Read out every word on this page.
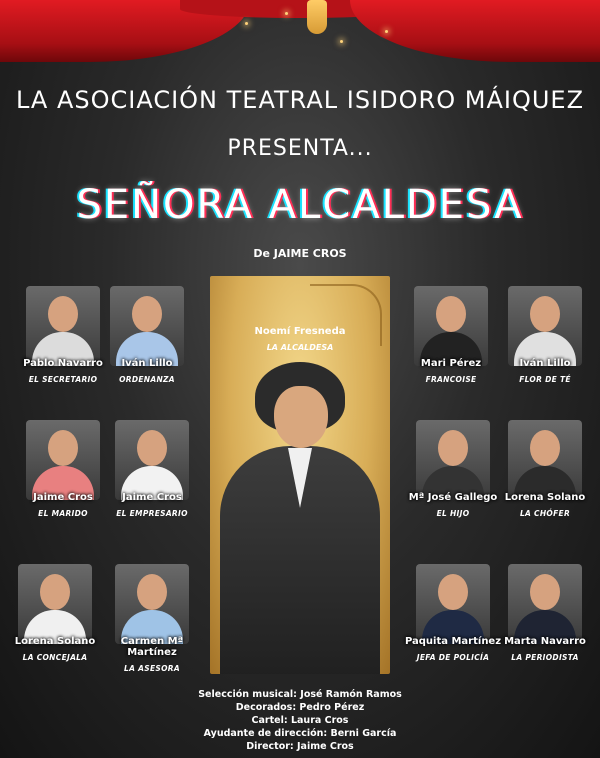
LA ASOCIACIÓN TEATRAL ISIDORO MÁIQUEZ
PRESENTA...
SEÑORA ALCALDESA
De JAIME CROS
Noemí Fresneda
LA ALCALDESA
Pablo Navarro
EL SECRETARIO
Iván Lillo
ORDENANZA
Jaime Cros
EL MARIDO
Jaime Cros
EL EMPRESARIO
Lorena Solano
LA CONCEJALA
Carmen Mª Martínez
LA ASESORA
Mari Pérez
FRANCOISE
Iván Lillo
FLOR DE TÉ
Mª José Gallego
EL HIJO
Lorena Solano
LA CHÓFER
Paquita Martínez
JEFA DE POLICÍA
Marta Navarro
LA PERIODISTA
Selección musical: José Ramón Ramos
Decorados: Pedro Pérez
Cartel: Laura Cros
Ayudante de dirección: Berni García
Director: Jaime Cros
